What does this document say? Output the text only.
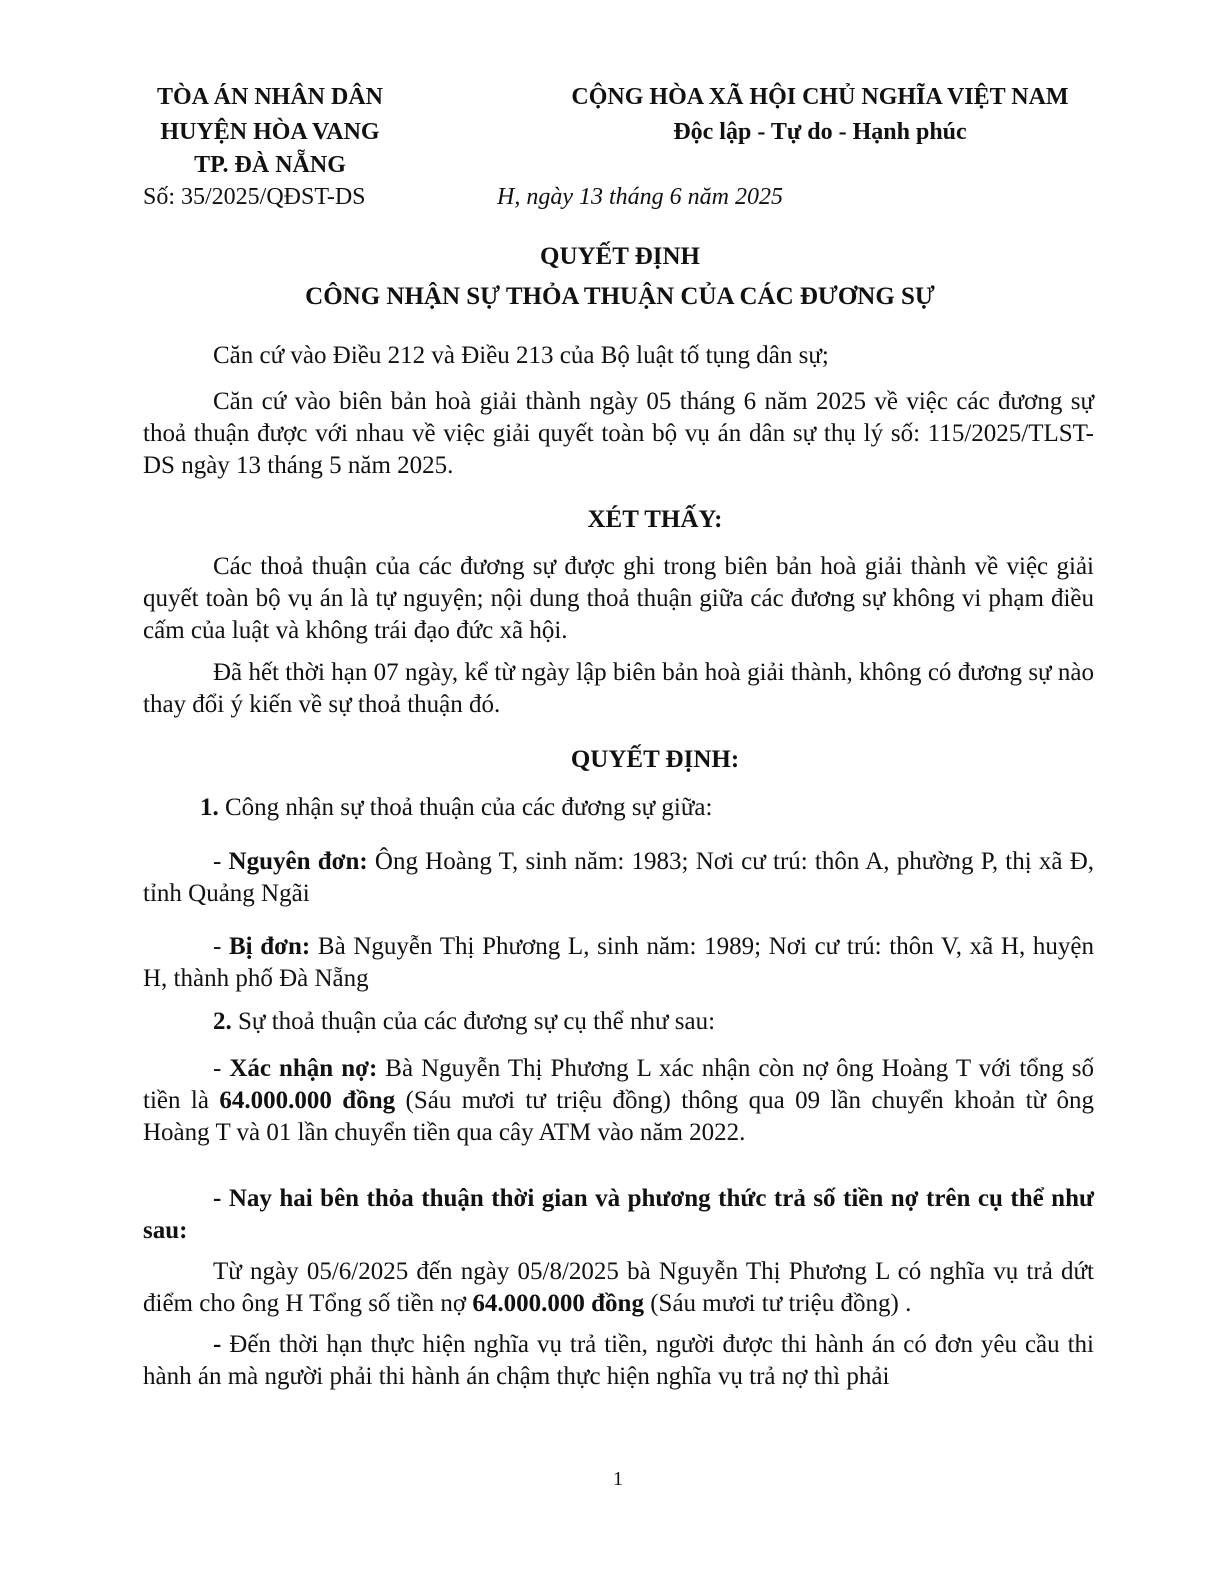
TÒA ÁN NHÂN DÂN
HUYỆN HÒA VANG
TP. ĐÀ NẴNG
CỘNG HÒA XÃ HỘI CHỦ NGHĨA VIỆT NAM
Độc lập - Tự do - Hạnh phúc
Số: 35/2025/QĐST-DS	H, ngày 13 tháng 6 năm 2025
QUYẾT ĐỊNH
CÔNG NHẬN SỰ THỎA THUẬN CỦA CÁC ĐƯƠNG SỰ
Căn cứ vào Điều 212 và Điều 213 của Bộ luật tố tụng dân sự;
Căn cứ vào biên bản hoà giải thành ngày 05 tháng 6 năm 2025 về việc các đương sự thoả thuận được với nhau về việc giải quyết toàn bộ vụ án dân sự thụ lý số: 115/2025/TLST-DS ngày 13 tháng 5 năm 2025.
XÉT THẤY:
Các thoả thuận của các đương sự được ghi trong biên bản hoà giải thành về việc giải quyết toàn bộ vụ án là tự nguyện; nội dung thoả thuận giữa các đương sự không vi phạm điều cấm của luật và không trái đạo đức xã hội.
Đã hết thời hạn 07 ngày, kể từ ngày lập biên bản hoà giải thành, không có đương sự nào thay đổi ý kiến về sự thoả thuận đó.
QUYẾT ĐỊNH:
1. Công nhận sự thoả thuận của các đương sự giữa:
- Nguyên đơn: Ông Hoàng T, sinh năm: 1983; Nơi cư trú: thôn A, phường P, thị xã Đ, tỉnh Quảng Ngãi
- Bị đơn: Bà Nguyễn Thị Phương L, sinh năm: 1989; Nơi cư trú: thôn V, xã H, huyện H, thành phố Đà Nẵng
2. Sự thoả thuận của các đương sự cụ thể như sau:
- Xác nhận nợ: Bà Nguyễn Thị Phương L xác nhận còn nợ ông Hoàng T với tổng số tiền là 64.000.000 đồng (Sáu mươi tư triệu đồng) thông qua 09 lần chuyển khoản từ ông Hoàng T và 01 lần chuyển tiền qua cây ATM vào năm 2022.
- Nay hai bên thỏa thuận thời gian và phương thức trả số tiền nợ trên cụ thể như sau:
Từ ngày 05/6/2025 đến ngày 05/8/2025 bà Nguyễn Thị Phương L có nghĩa vụ trả dứt điểm cho ông H Tổng số tiền nợ 64.000.000 đồng (Sáu mươi tư triệu đồng) .
- Đến thời hạn thực hiện nghĩa vụ trả tiền, người được thi hành án có đơn yêu cầu thi hành án mà người phải thi hành án chậm thực hiện nghĩa vụ trả nợ thì phải
1
